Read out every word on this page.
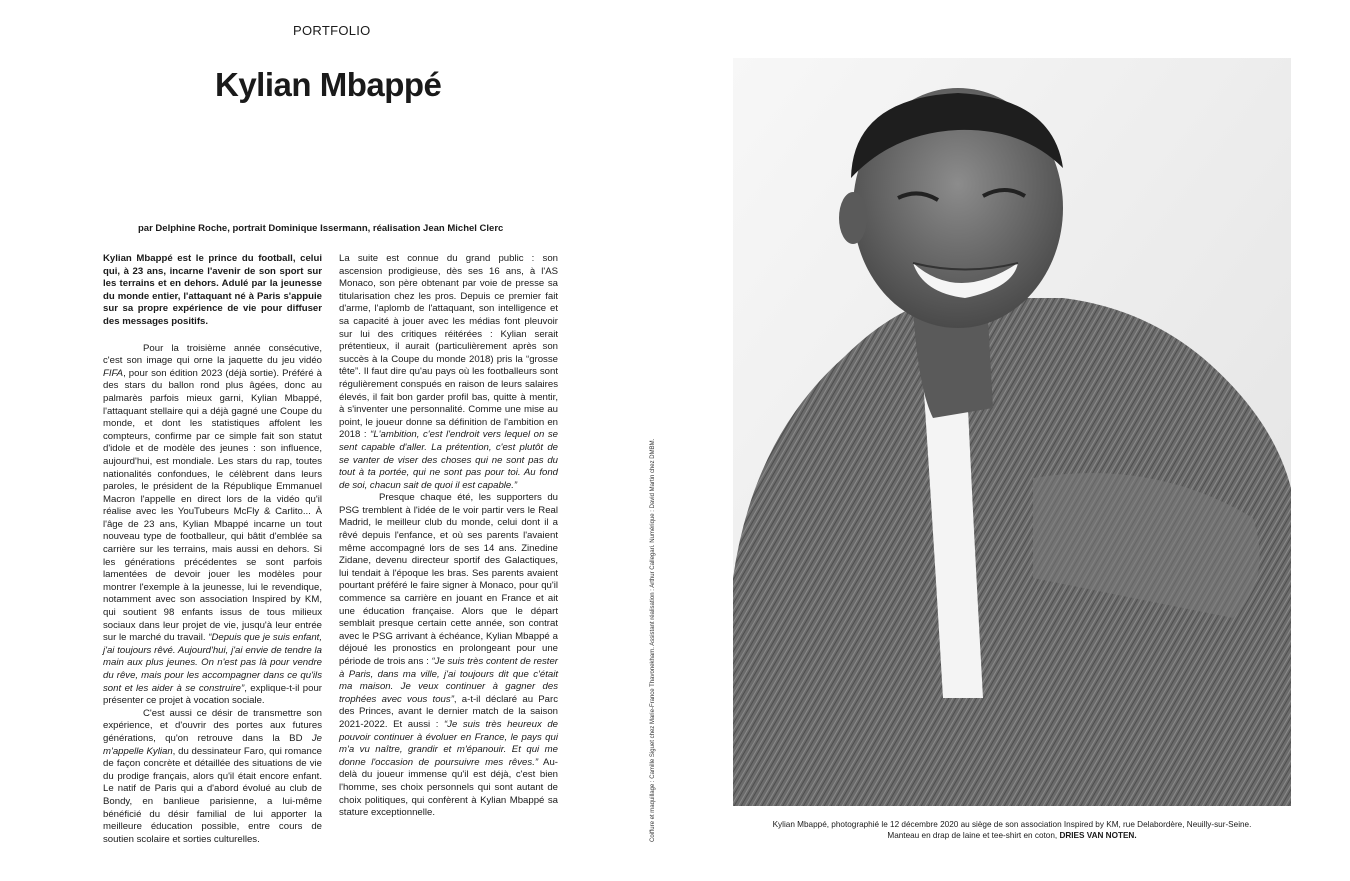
PORTFOLIO
Kylian Mbappé
par Delphine Roche, portrait Dominique Issermann, réalisation Jean Michel Clerc

Kylian Mbappé est le prince du football, celui qui, à 23 ans, incarne l'avenir de son sport sur les terrains et en dehors. Adulé par la jeunesse du monde entier, l'attaquant né à Paris s'appuie sur sa propre expérience de vie pour diffuser des messages positifs.

Pour la troisième année consécutive, c'est son image qui orne la jaquette du jeu vidéo FIFA, pour son édition 2023 (déjà sortie). Préféré à des stars du ballon rond plus âgées, donc au palmarès parfois mieux garni, Kylian Mbappé, l'attaquant stellaire qui a déjà gagné une Coupe du monde, et dont les statistiques affolent les compteurs, confirme par ce simple fait son statut d'idole et de modèle des jeunes : son influence, aujourd'hui, est mondiale. Les stars du rap, toutes nationalités confondues, le célèbrent dans leurs paroles, le président de la République Emmanuel Macron l'appelle en direct lors de la vidéo qu'il réalise avec les YouTubeurs McFly & Carlito... À l'âge de 23 ans, Kylian Mbappé incarne un tout nouveau type de footballeur, qui bâtit d'emblée sa carrière sur les terrains, mais aussi en dehors. Si les générations précédentes se sont parfois lamentées de devoir jouer les modèles pour montrer l'exemple à la jeunesse, lui le revendique, notamment avec son association Inspired by KM, qui soutient 98 enfants issus de tous milieux sociaux dans leur projet de vie, jusqu'à leur entrée sur le marché du travail. “Depuis que je suis enfant, j'ai toujours rêvé. Aujourd'hui, j'ai envie de tendre la main aux plus jeunes. On n'est pas là pour vendre du rêve, mais pour les accompagner dans ce qu'ils sont et les aider à se construire”, explique-t-il pour présenter ce projet à vocation sociale.

C'est aussi ce désir de transmettre son expérience, et d'ouvrir des portes aux futures générations, qu'on retrouve dans la BD Je m'appelle Kylian, du dessinateur Faro, qui romance de façon concrète et détaillée des situations de vie du prodige français, alors qu'il était encore enfant. Le natif de Paris qui a d'abord évolué au club de Bondy, en banlieue parisienne, a lui-même bénéficié du désir familial de lui apporter la meilleure éducation possible, entre cours de soutien scolaire et sorties culturelles.

La suite est connue du grand public : son ascension prodigieuse, dès ses 16 ans, à l'AS Monaco, son père obtenant par voie de presse sa titularisation chez les pros. Depuis ce premier fait d'arme, l'aplomb de l'attaquant, son intelligence et sa capacité à jouer avec les médias font pleuvoir sur lui des critiques réitérées : Kylian serait prétentieux, il aurait (particulièrement après son succès à la Coupe du monde 2018) pris la “grosse tête”. Il faut dire qu'au pays où les footballeurs sont régulièrement conspués en raison de leurs salaires élevés, il fait bon garder profil bas, quitte à mentir, à s'inventer une personnalité. Comme une mise au point, le joueur donne sa définition de l'ambition en 2018 : “L'ambition, c'est l'endroit vers lequel on se sent capable d'aller. La prétention, c'est plutôt de se vanter de viser des choses qui ne sont pas du tout à ta portée, qui ne sont pas pour toi. Au fond de soi, chacun sait de quoi il est capable.”

Presque chaque été, les supporters du PSG tremblent à l'idée de le voir partir vers le Real Madrid, le meilleur club du monde, celui dont il a rêvé depuis l'enfance, et où ses parents l'avaient même accompagné lors de ses 14 ans. Zinedine Zidane, devenu directeur sportif des Galactiques, lui tendait à l'époque les bras. Ses parents avaient pourtant préféré le faire signer à Monaco, pour qu'il commence sa carrière en jouant en France et ait une éducation française. Alors que le départ semblait presque certain cette année, son contrat avec le PSG arrivant à échéance, Kylian Mbappé a déjoué les pronostics en prolongeant pour une période de trois ans : “Je suis très content de rester à Paris, dans ma ville, j'ai toujours dit que c'était ma maison. Je veux continuer à gagner des trophées avec vous tous”, a-t-il déclaré au Parc des Princes, avant le dernier match de la saison 2021-2022. Et aussi : “Je suis très heureux de pouvoir continuer à évoluer en France, le pays qui m'a vu naître, grandir et m'épanouir. Et qui me donne l'occasion de poursuivre mes rêves.” Au-delà du joueur immense qu'il est déjà, c'est bien l'homme, ses choix personnels qui sont autant de choix politiques, qui confèrent à Kylian Mbappé sa stature exceptionnelle.	Coiffure et maquillage : Camille Siguet chez Marie-France Thavonekham. Assistant réalisation : Arthur Callegari. Numérique : David Martin chez DMBM.	Kylian Mbappé, photographié le 12 décembre 2020 au siège de son association Inspired by KM, rue Delabordère, Neuilly-sur-Seine.
Manteau en drap de laine et tee-shirt en coton, DRIES VAN NOTEN.
